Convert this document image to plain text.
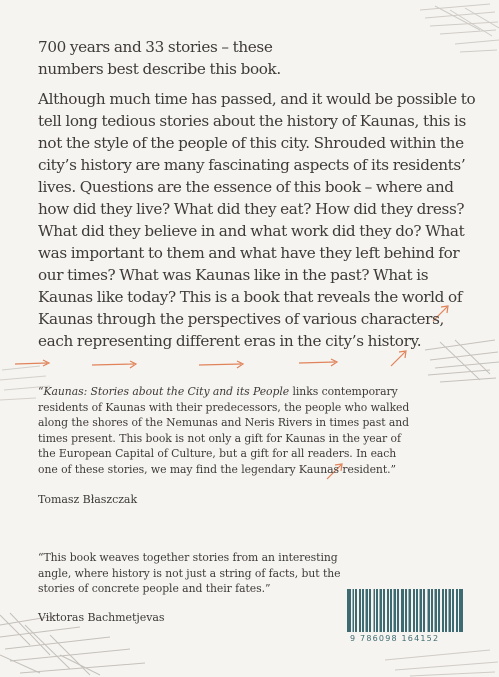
700 years and 33 stories – these numbers best describe this book.

Although much time has passed, and it would be possible to tell long tedious stories about the history of Kaunas, this is not the style of the people of this city. Shrouded within the city’s history are many fascinating aspects of its residents’ lives. Questions are the essence of this book – where and how did they live? What did they eat? How did they dress? What did they believe in and what work did they do? What was important to them and what have they left behind for our times? What was Kaunas like in the past? What is Kaunas like today? This is a book that reveals the world of Kaunas through the perspectives of various characters, each representing different eras in the city’s history.

“Kaunas: Stories about the City and its People links contemporary residents of Kaunas with their predecessors, the people who walked along the shores of the Nemunas and Neris Rivers in times past and times present. This book is not only a gift for Kaunas in the year of the European Capital of Culture, but a gift for all readers. In each one of these stories, we may find the legendary Kaunas resident.”

Tomasz Błaszczak

“This book weaves together stories from an interesting angle, where history is not just a string of facts, but the stories of concrete people and their fates.”

Viktoras Bachmetjevas

9 786098 164152
